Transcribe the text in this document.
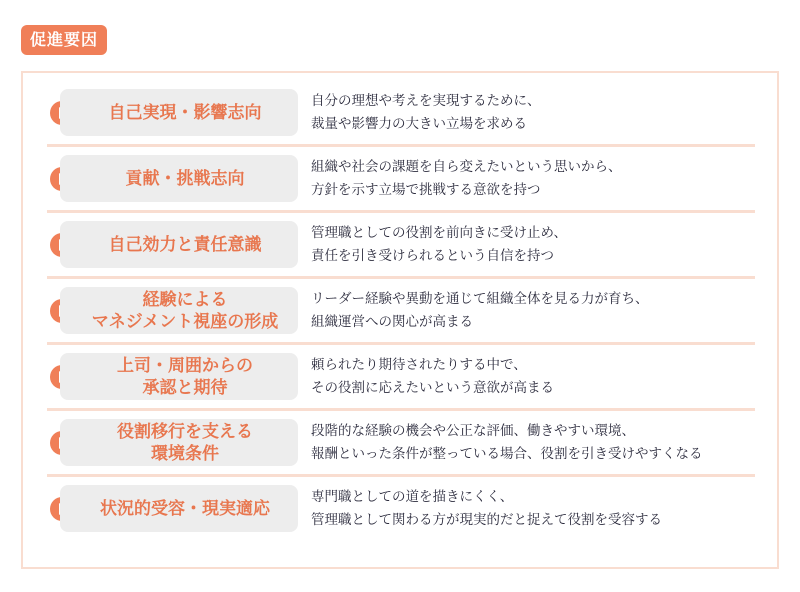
促進要因
自己実現・影響志向
自分の理想や考えを実現するために、
裁量や影響力の大きい立場を求める
貢献・挑戦志向
組織や社会の課題を自ら変えたいという思いから、
方針を示す立場で挑戦する意欲を持つ
自己効力と責任意識
管理職としての役割を前向きに受け止め、
責任を引き受けられるという自信を持つ
経験による
マネジメント視座の形成
リーダー経験や異動を通じて組織全体を見る力が育ち、
組織運営への関心が高まる
上司・周囲からの
承認と期待
頼られたり期待されたりする中で、
その役割に応えたいという意欲が高まる
役割移行を支える
環境条件
段階的な経験の機会や公正な評価、働きやすい環境、
報酬といった条件が整っている場合、役割を引き受けやすくなる
状況的受容・現実適応
専門職としての道を描きにくく、
管理職として関わる方が現実的だと捉えて役割を受容する
